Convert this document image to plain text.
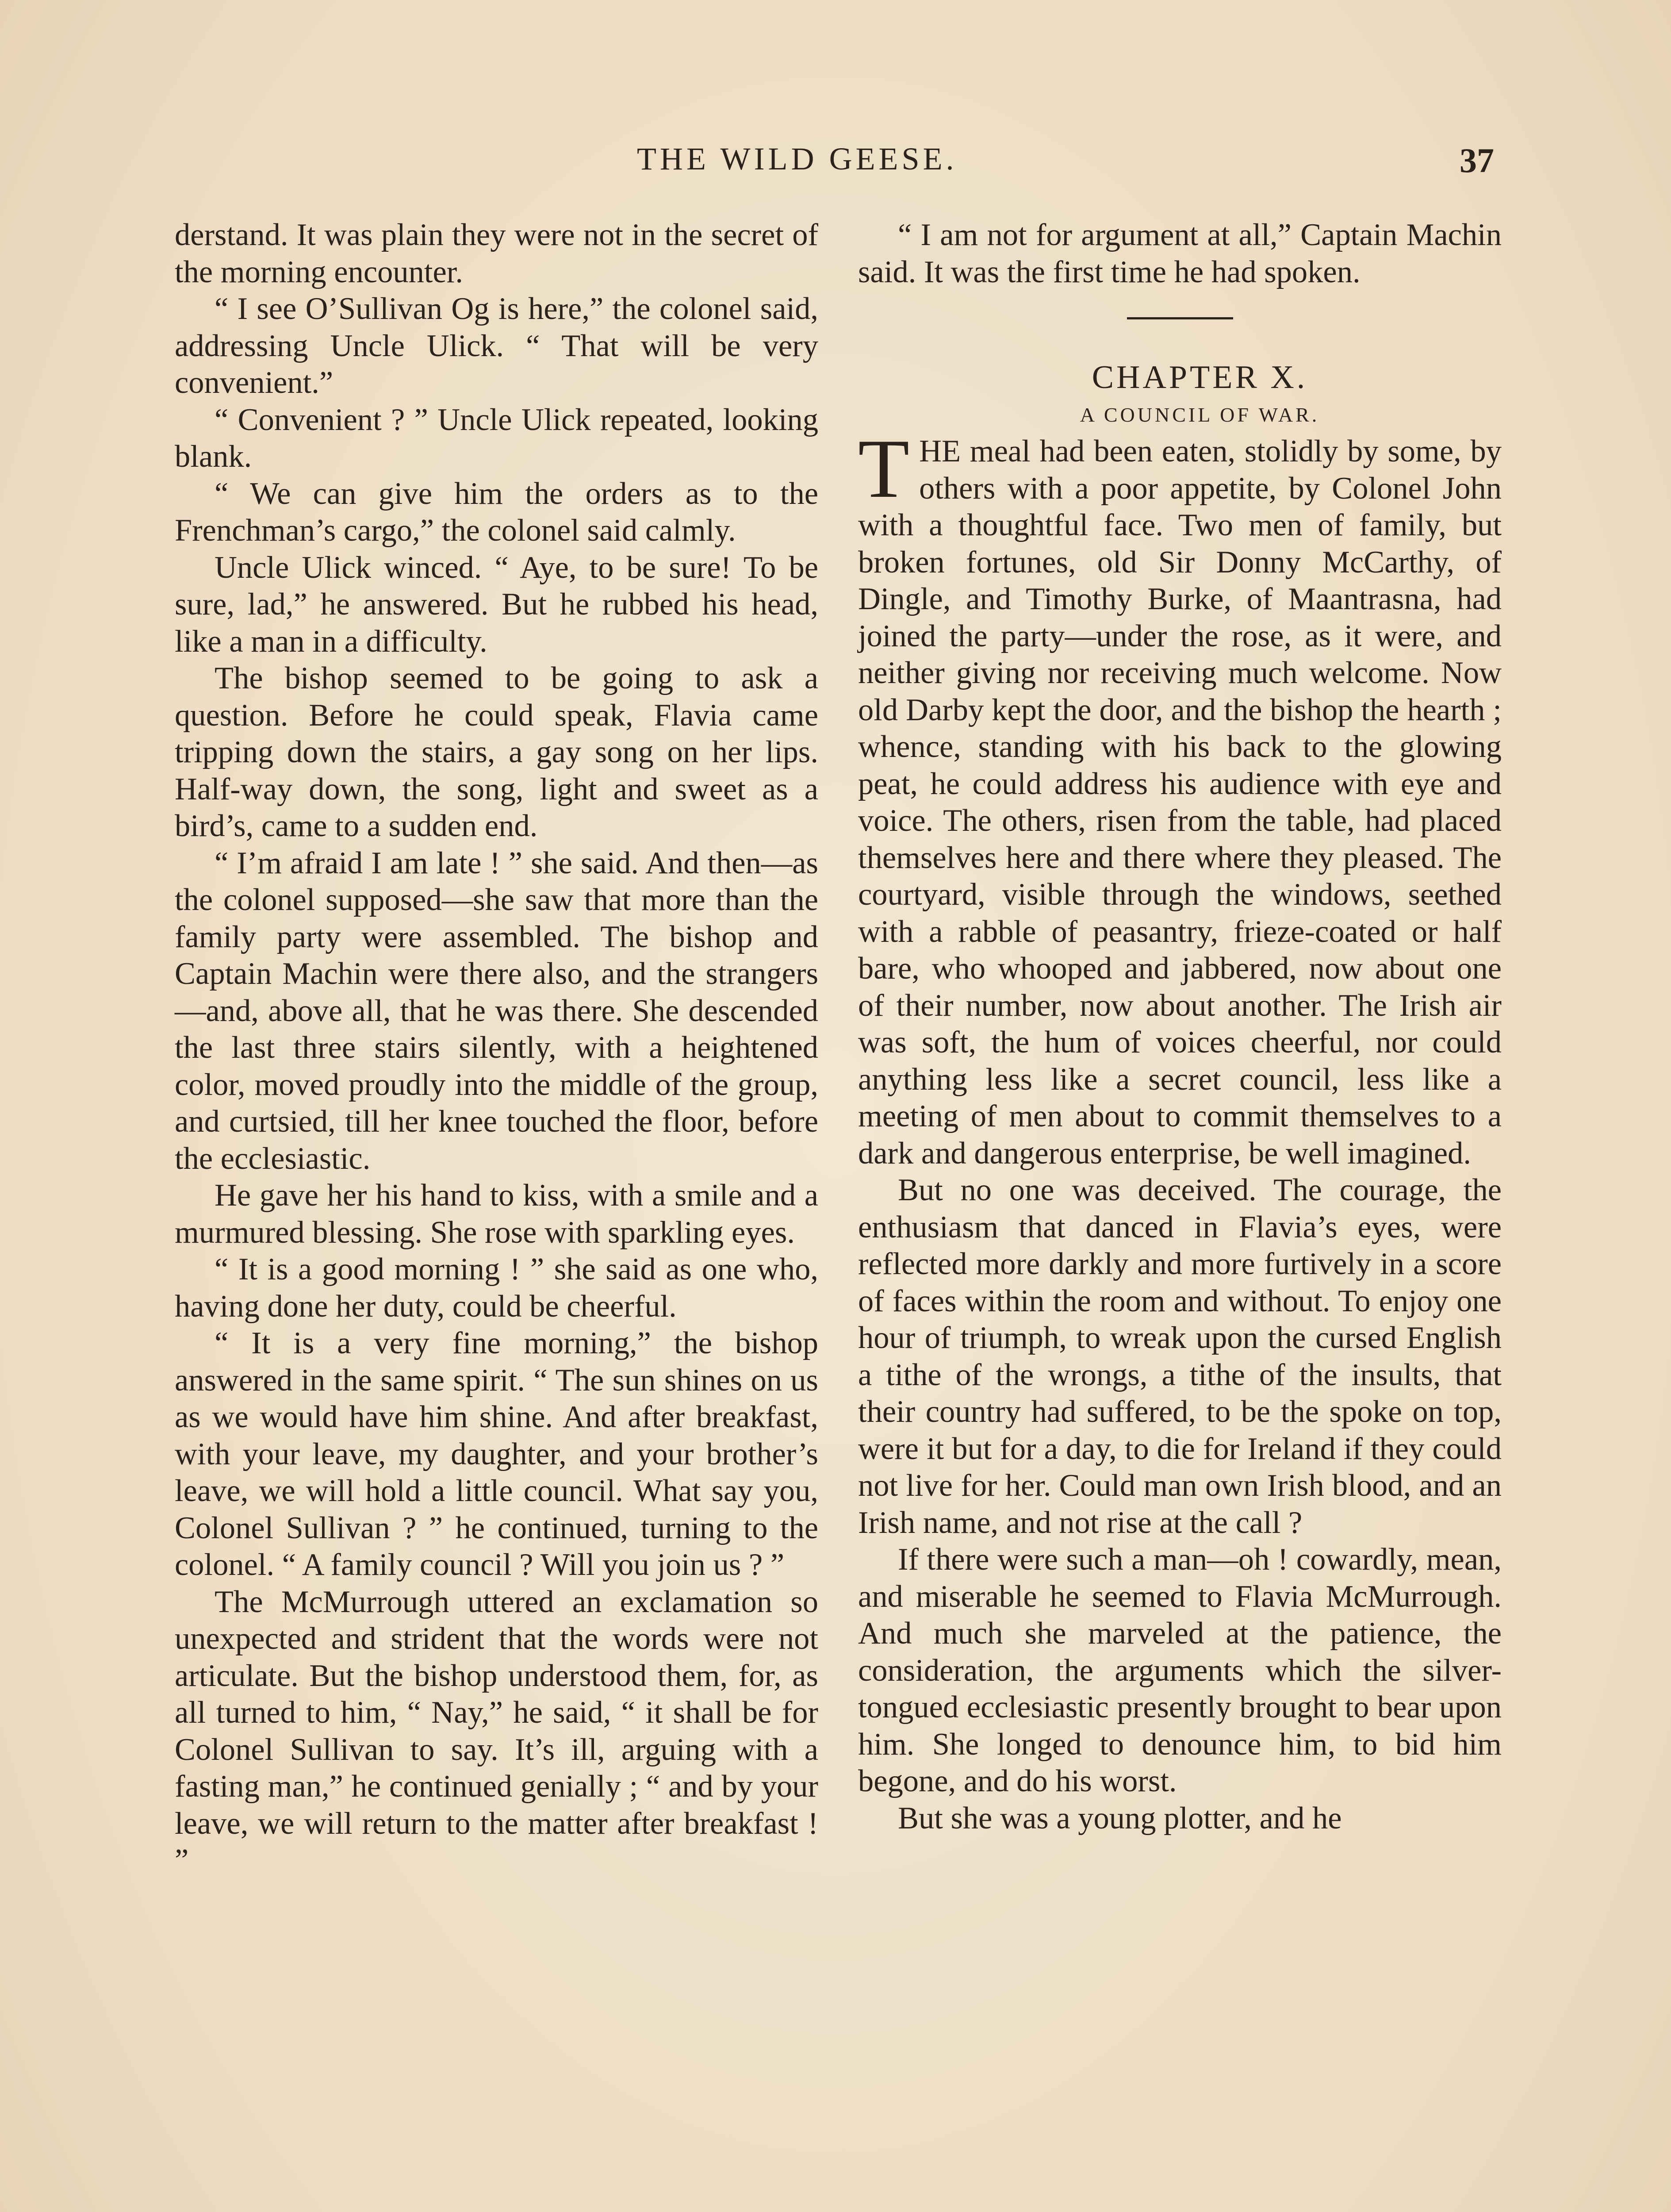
THE WILD GEESE.	37

derstand. It was plain they were not in the secret of the morning encounter.

“ I see O’Sullivan Og is here,” the colonel said, addressing Uncle Ulick. “ That will be very convenient.”

“ Convenient ? ” Uncle Ulick repeated, looking blank.

“ We can give him the orders as to the Frenchman’s cargo,” the colonel said calmly.

Uncle Ulick winced. “ Aye, to be sure! To be sure, lad,” he answered. But he rubbed his head, like a man in a difficulty.

The bishop seemed to be going to ask a question. Before he could speak, Flavia came tripping down the stairs, a gay song on her lips. Half-way down, the song, light and sweet as a bird’s, came to a sudden end.

“ I’m afraid I am late ! ” she said. And then—as the colonel supposed—she saw that more than the family party were assembled. The bishop and Captain Machin were there also, and the strangers—and, above all, that he was there. She descended the last three stairs silently, with a heightened color, moved proudly into the middle of the group, and curtsied, till her knee touched the floor, before the ecclesiastic.

He gave her his hand to kiss, with a smile and a murmured blessing. She rose with sparkling eyes.

“ It is a good morning ! ” she said as one who, having done her duty, could be cheerful.

“ It is a very fine morning,” the bishop answered in the same spirit. “ The sun shines on us as we would have him shine. And after breakfast, with your leave, my daughter, and your brother’s leave, we will hold a little council. What say you, Colonel Sullivan ? ” he continued, turning to the colonel. “ A family council ? Will you join us ? ”

The McMurrough uttered an exclamation so unexpected and strident that the words were not articulate. But the bishop understood them, for, as all turned to him, “ Nay,” he said, “ it shall be for Colonel Sullivan to say. It’s ill, arguing with a fasting man,” he continued genially ; “ and by your leave, we will return to the matter after breakfast ! ”

“ I am not for argument at all,” Captain Machin said. It was the first time he had spoken.

CHAPTER X.

A COUNCIL OF WAR.

THE meal had been eaten, stolidly by some, by others with a poor appetite, by Colonel John with a thoughtful face. Two men of family, but broken fortunes, old Sir Donny McCarthy, of Dingle, and Timothy Burke, of Maantrasna, had joined the party—under the rose, as it were, and neither giving nor receiving much welcome. Now old Darby kept the door, and the bishop the hearth ; whence, standing with his back to the glowing peat, he could address his audience with eye and voice. The others, risen from the table, had placed themselves here and there where they pleased. The courtyard, visible through the windows, seethed with a rabble of peasantry, frieze-coated or half bare, who whooped and jabbered, now about one of their number, now about another. The Irish air was soft, the hum of voices cheerful, nor could anything less like a secret council, less like a meeting of men about to commit themselves to a dark and dangerous enterprise, be well imagined.

But no one was deceived. The courage, the enthusiasm that danced in Flavia’s eyes, were reflected more darkly and more furtively in a score of faces within the room and without. To enjoy one hour of triumph, to wreak upon the cursed English a tithe of the wrongs, a tithe of the insults, that their country had suffered, to be the spoke on top, were it but for a day, to die for Ireland if they could not live for her. Could man own Irish blood, and an Irish name, and not rise at the call ?

If there were such a man—oh ! cowardly, mean, and miserable he seemed to Flavia McMurrough. And much she marveled at the patience, the consideration, the arguments which the silver-tongued ecclesiastic presently brought to bear upon him. She longed to denounce him, to bid him begone, and do his worst.

But she was a young plotter, and he
